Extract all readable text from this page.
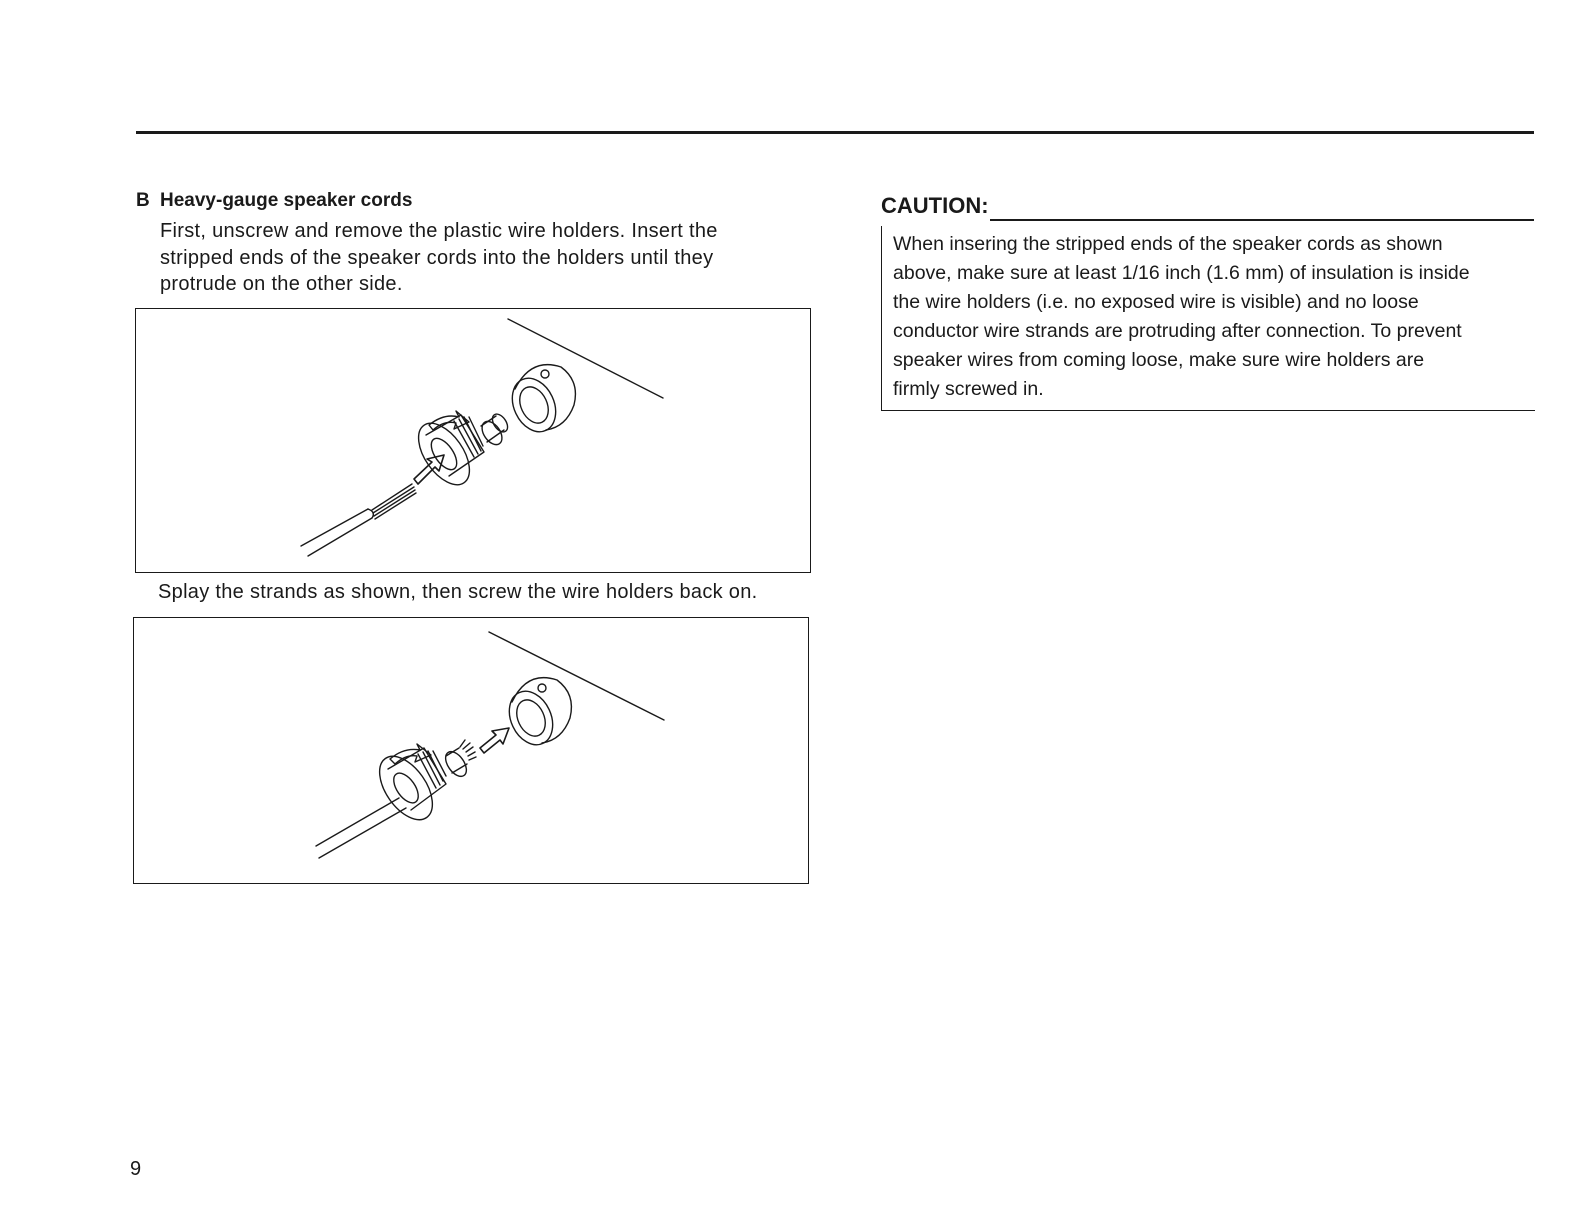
B Heavy-gauge speaker cords
First, unscrew and remove the plastic wire holders. Insert the
stripped ends of the speaker cords into the holders until they
protrude on the other side.
Splay the strands as shown, then screw the wire holders back on.
CAUTION:
When insering the stripped ends of the speaker cords as shown
above, make sure at least 1/16 inch (1.6 mm) of insulation is inside
the wire holders (i.e. no exposed wire is visible) and no loose
conductor wire strands are protruding after connection. To prevent
speaker wires from coming loose, make sure wire holders are
firmly screwed in.
9
